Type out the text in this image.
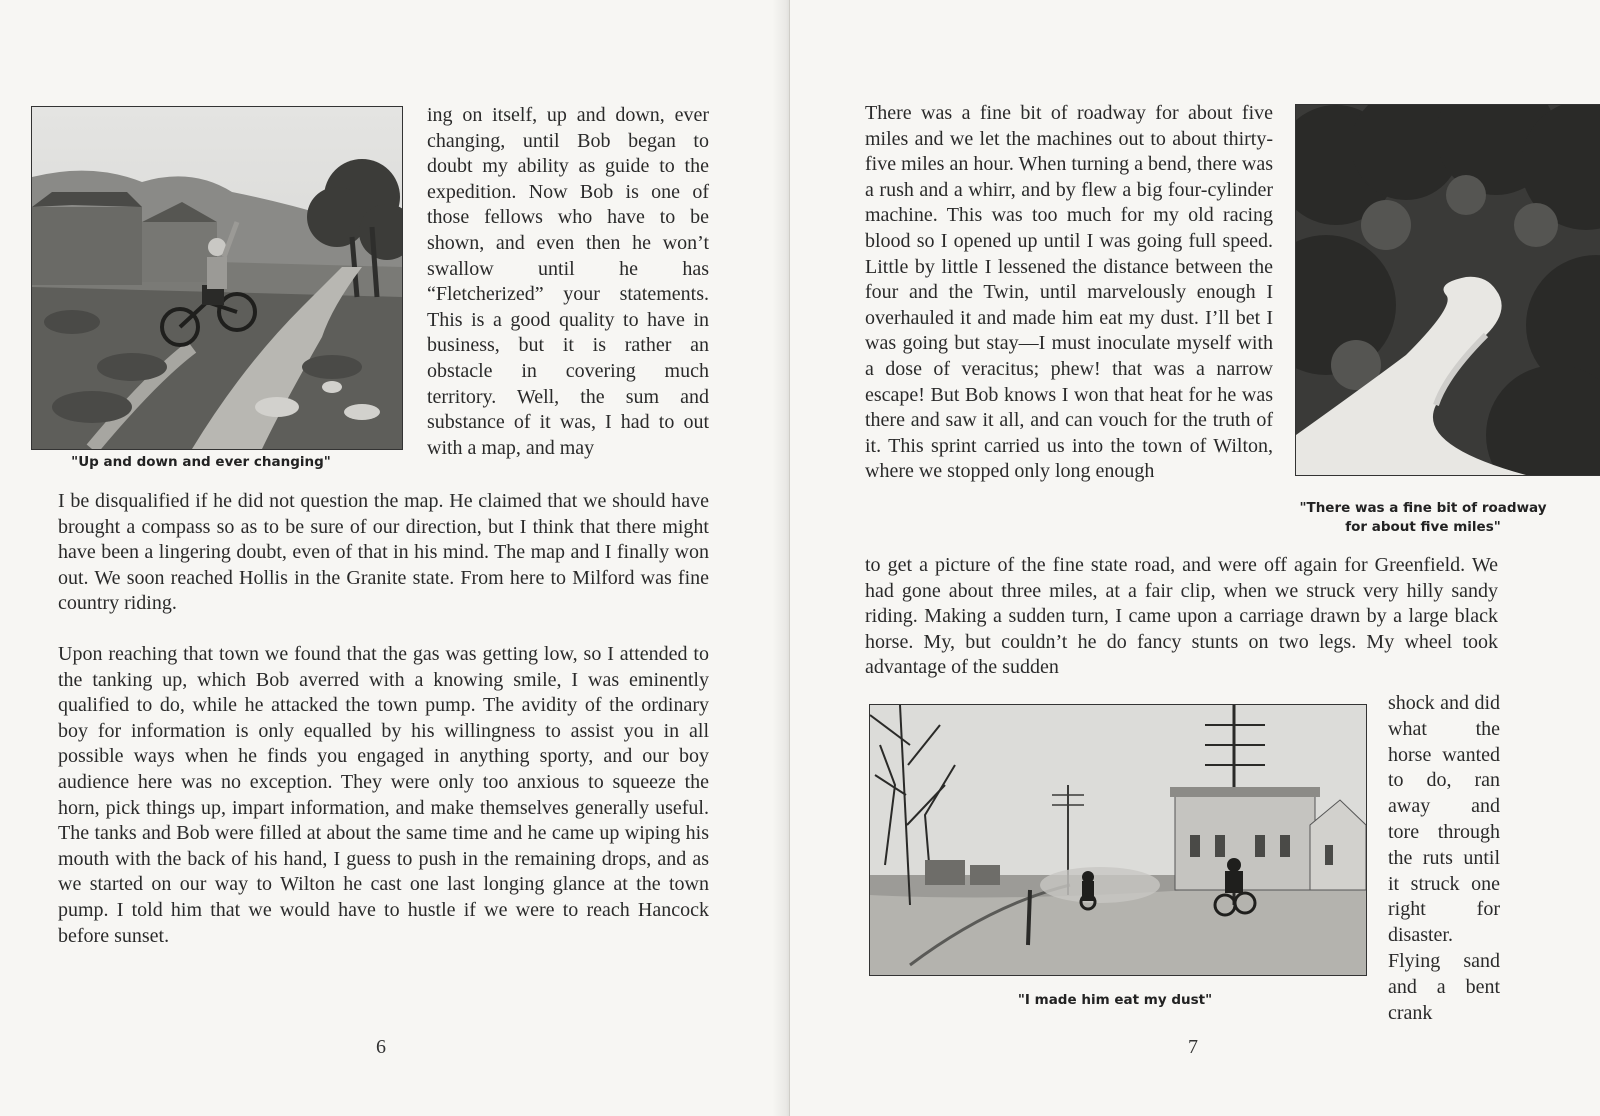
"Up and down and ever changing"

ing on itself, up and down, ever changing, until Bob began to doubt my ability as guide to the expedition. Now Bob is one of those fellows who have to be shown, and even then he won’t swallow until he has “Fletcherized” your statements. This is a good quality to have in business, but it is rather an obstacle in covering much territory. Well, the sum and substance of it was, I had to out with a map, and may

I be disqualified if he did not question the map. He claimed that we should have brought a compass so as to be sure of our direction, but I think that there might have been a lingering doubt, even of that in his mind. The map and I finally won out. We soon reached Hollis in the Granite state. From here to Milford was fine country riding.

Upon reaching that town we found that the gas was getting low, so I attended to the tanking up, which Bob averred with a knowing smile, I was eminently qualified to do, while he attacked the town pump. The avidity of the ordinary boy for information is only equalled by his willingness to assist you in all possible ways when he finds you engaged in anything sporty, and our boy audience here was no exception. They were only too anxious to squeeze the horn, pick things up, impart information, and make themselves generally useful. The tanks and Bob were filled at about the same time and he came up wiping his mouth with the back of his hand, I guess to push in the remaining drops, and as we started on our way to Wilton he cast one last longing glance at the town pump. I told him that we would have to hustle if we were to reach Hancock before sunset.

6

There was a fine bit of roadway for about five miles and we let the machines out to about thirty-five miles an hour. When turning a bend, there was a rush and a whirr, and by flew a big four-cylinder machine. This was too much for my old racing blood so I opened up until I was going full speed. Little by little I lessened the distance between the four and the Twin, until marvelously enough I overhauled it and made him eat my dust. I’ll bet I was going but stay—I must inoculate myself with a dose of veracitus; phew! that was a narrow escape! But Bob knows I won that heat for he was there and saw it all, and can vouch for the truth of it. This sprint carried us into the town of Wilton, where we stopped only long enough

"There was a fine bit of roadway
for about five miles"

to get a picture of the fine state road, and were off again for Greenfield. We had gone about three miles, at a fair clip, when we struck very hilly sandy riding. Making a sudden turn, I came upon a carriage drawn by a large black horse. My, but couldn’t he do fancy stunts on two legs. My wheel took advantage of the sudden

"I made him eat my dust"

shock and did what the horse wanted to do, ran away and tore through the ruts until it struck one right for disaster. Flying sand and a bent crank

7
